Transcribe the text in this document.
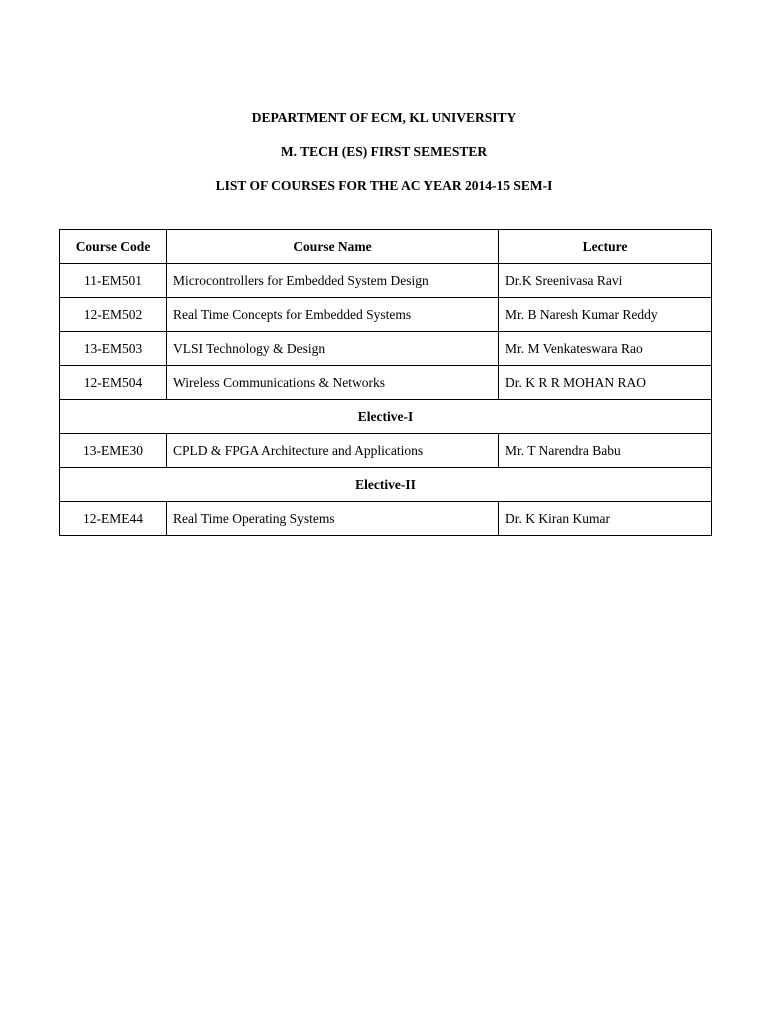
DEPARTMENT OF ECM, KL UNIVERSITY
M. TECH (ES) FIRST SEMESTER
LIST OF COURSES FOR THE AC YEAR 2014-15 SEM-I
Course Code	Course Name	Lecture
11-EM501	Microcontrollers for Embedded System Design	Dr.K Sreenivasa Ravi
12-EM502	Real Time Concepts for Embedded Systems	Mr. B Naresh Kumar Reddy
13-EM503	VLSI Technology & Design	Mr. M Venkateswara Rao
12-EM504	Wireless Communications & Networks	Dr. K R R MOHAN RAO
Elective-I		
13-EME30	CPLD & FPGA Architecture and Applications	Mr. T Narendra Babu
Elective-II		
12-EME44	Real Time Operating Systems	Dr. K Kiran Kumar
